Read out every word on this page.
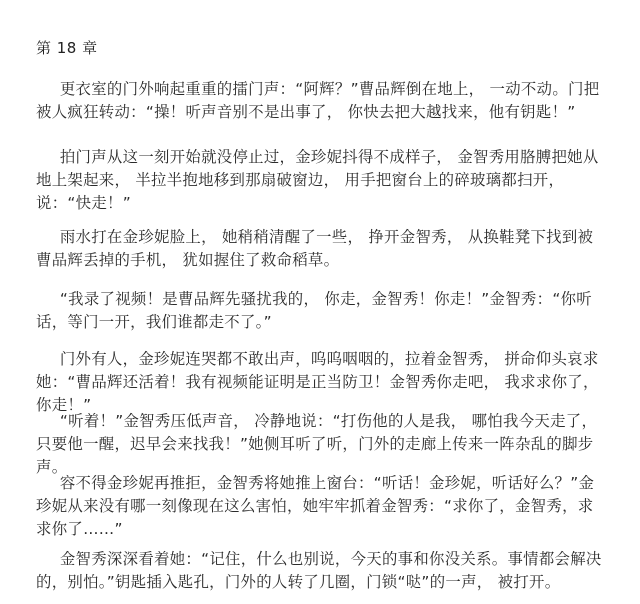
第 18 章

更衣室的门外响起重重的擂门声：“阿辉？”曹品辉倒在地上， 一动不动。门把被人疯狂转动：“操！听声音别不是出事了， 你快去把大越找来，他有钥匙！”

拍门声从这一刻开始就没停止过，金珍妮抖得不成样子， 金智秀用胳膊把她从地上架起来， 半拉半抱地移到那扇破窗边， 用手把窗台上的碎玻璃都扫开， 说：“快走！”

雨水打在金珍妮脸上， 她稍稍清醒了一些， 挣开金智秀， 从换鞋凳下找到被曹品辉丢掉的手机， 犹如握住了救命稻草。

“我录了视频！是曹品辉先骚扰我的， 你走，金智秀！你走！”金智秀：“你听话，等门一开，我们谁都走不了。”

门外有人，金珍妮连哭都不敢出声，呜呜咽咽的，拉着金智秀， 拼命仰头哀求她：“曹品辉还活着！我有视频能证明是正当防卫！金智秀你走吧， 我求求你了， 你走！”

“听着！”金智秀压低声音， 冷静地说：“打伤他的人是我， 哪怕我今天走了， 只要他一醒，迟早会来找我！”她侧耳听了听，门外的走廊上传来一阵杂乱的脚步声。

容不得金珍妮再推拒，金智秀将她推上窗台：“听话！金珍妮，听话好么？”金珍妮从来没有哪一刻像现在这么害怕，她牢牢抓着金智秀：“求你了，金智秀，求求你了……”

金智秀深深看着她：“记住，什么也别说，今天的事和你没关系。事情都会解决的，别怕。”钥匙插入匙孔，门外的人转了几圈，门锁“哒”的一声， 被打开。
